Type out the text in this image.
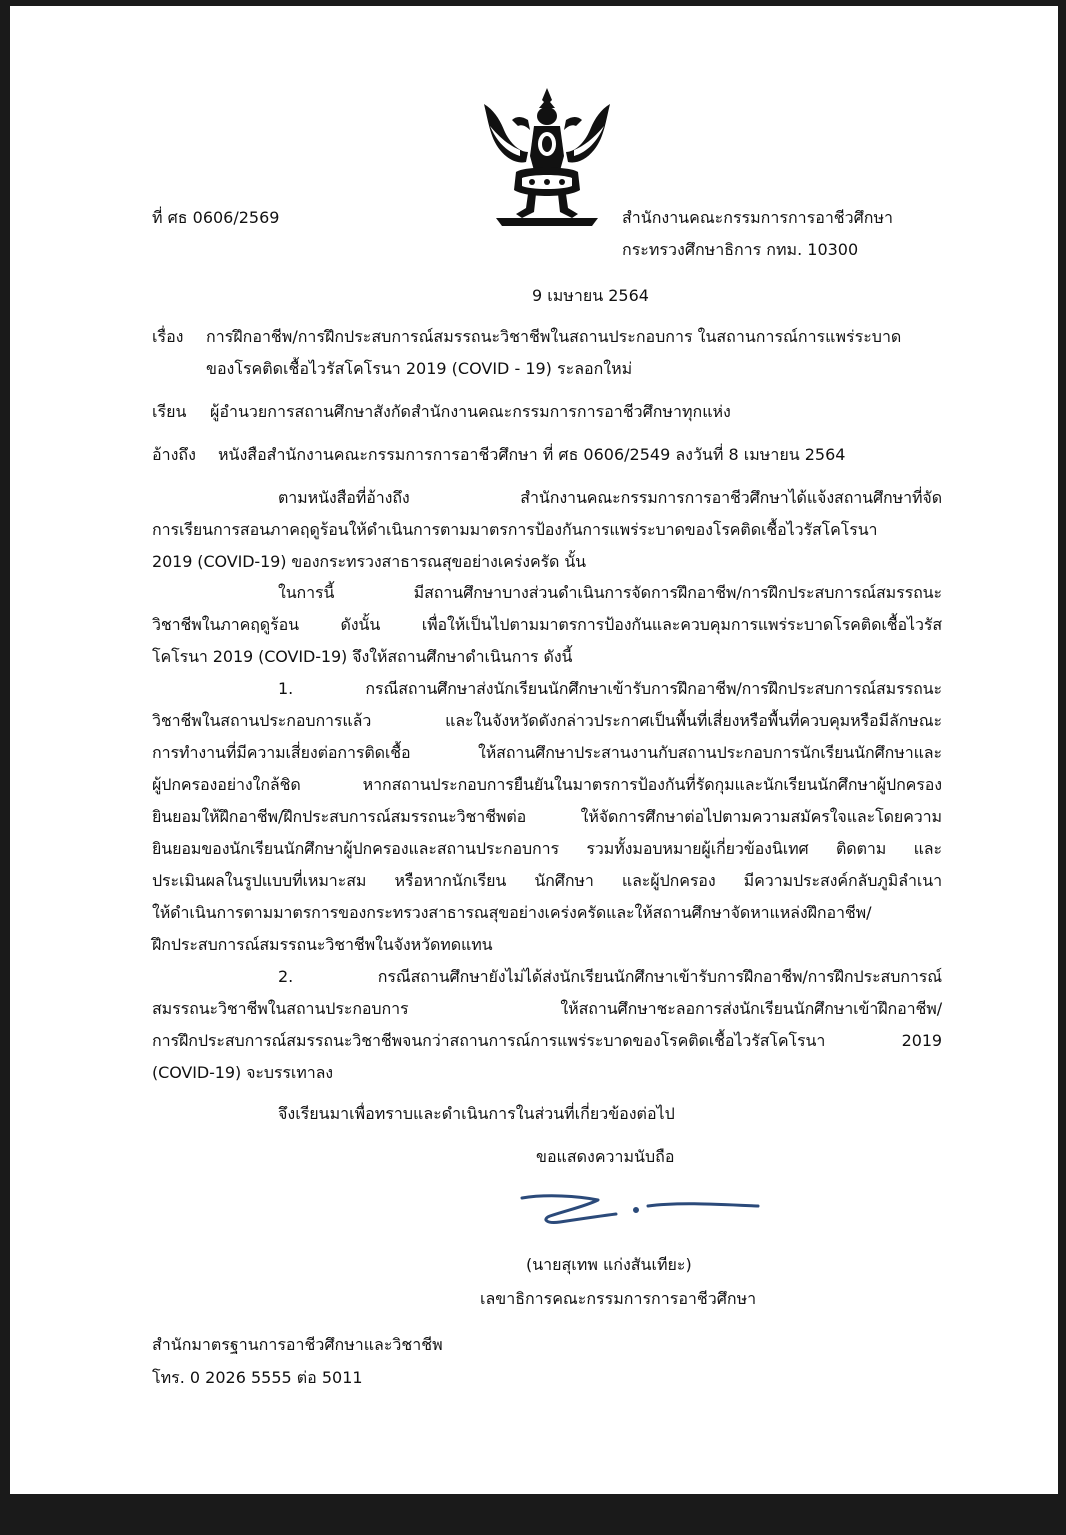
ที่ ศธ 0606/2569	สำนักงานคณะกรรมการการอาชีวศึกษา
กระทรวงศึกษาธิการ กทม. 10300
9 เมษายน 2564
เรื่อง การฝึกอาชีพ/การฝึกประสบการณ์สมรรถนะวิชาชีพในสถานประกอบการ ในสถานการณ์การแพร่ระบาด
ของโรคติดเชื้อไวรัสโคโรนา 2019 (COVID - 19) ระลอกใหม่
เรียน ผู้อำนวยการสถานศึกษาสังกัดสำนักงานคณะกรรมการการอาชีวศึกษาทุกแห่ง
อ้างถึง หนังสือสำนักงานคณะกรรมการการอาชีวศึกษา ที่ ศธ 0606/2549 ลงวันที่ 8 เมษายน 2564
ตามหนังสือที่อ้างถึง สำนักงานคณะกรรมการการอาชีวศึกษาได้แจ้งสถานศึกษาที่จัด
การเรียนการสอนภาคฤดูร้อนให้ดำเนินการตามมาตรการป้องกันการแพร่ระบาดของโรคติดเชื้อไวรัสโคโรนา
2019 (COVID-19) ของกระทรวงสาธารณสุขอย่างเคร่งครัด นั้น
ในการนี้ มีสถานศึกษาบางส่วนดำเนินการจัดการฝึกอาชีพ/การฝึกประสบการณ์สมรรถนะ
วิชาชีพในภาคฤดูร้อน ดังนั้น เพื่อให้เป็นไปตามมาตรการป้องกันและควบคุมการแพร่ระบาดโรคติดเชื้อไวรัส
โคโรนา 2019 (COVID-19) จึงให้สถานศึกษาดำเนินการ ดังนี้
1. กรณีสถานศึกษาส่งนักเรียนนักศึกษาเข้ารับการฝึกอาชีพ/การฝึกประสบการณ์สมรรถนะ
วิชาชีพในสถานประกอบการแล้ว และในจังหวัดดังกล่าวประกาศเป็นพื้นที่เสี่ยงหรือพื้นที่ควบคุมหรือมีลักษณะ
การทำงานที่มีความเสี่ยงต่อการติดเชื้อ ให้สถานศึกษาประสานงานกับสถานประกอบการนักเรียนนักศึกษาและ
ผู้ปกครองอย่างใกล้ชิด หากสถานประกอบการยืนยันในมาตรการป้องกันที่รัดกุมและนักเรียนนักศึกษาผู้ปกครอง
ยินยอมให้ฝึกอาชีพ/ฝึกประสบการณ์สมรรถนะวิชาชีพต่อ ให้จัดการศึกษาต่อไปตามความสมัครใจและโดยความ
ยินยอมของนักเรียนนักศึกษาผู้ปกครองและสถานประกอบการ รวมทั้งมอบหมายผู้เกี่ยวข้องนิเทศ ติดตาม และ
ประเมินผลในรูปแบบที่เหมาะสม หรือหากนักเรียน นักศึกษา และผู้ปกครอง มีความประสงค์กลับภูมิลำเนา
ให้ดำเนินการตามมาตรการของกระทรวงสาธารณสุขอย่างเคร่งครัดและให้สถานศึกษาจัดหาแหล่งฝึกอาชีพ/
ฝึกประสบการณ์สมรรถนะวิชาชีพในจังหวัดทดแทน
2. กรณีสถานศึกษายังไม่ได้ส่งนักเรียนนักศึกษาเข้ารับการฝึกอาชีพ/การฝึกประสบการณ์
สมรรถนะวิชาชีพในสถานประกอบการ ให้สถานศึกษาชะลอการส่งนักเรียนนักศึกษาเข้าฝึกอาชีพ/
การฝึกประสบการณ์สมรรถนะวิชาชีพจนกว่าสถานการณ์การแพร่ระบาดของโรคติดเชื้อไวรัสโคโรนา 2019
(COVID-19) จะบรรเทาลง
จึงเรียนมาเพื่อทราบและดำเนินการในส่วนที่เกี่ยวข้องต่อไป
ขอแสดงความนับถือ
(นายสุเทพ แก่งสันเทียะ)
เลขาธิการคณะกรรมการการอาชีวศึกษา
สำนักมาตรฐานการอาชีวศึกษาและวิชาชีพ
โทร. 0 2026 5555 ต่อ 5011
